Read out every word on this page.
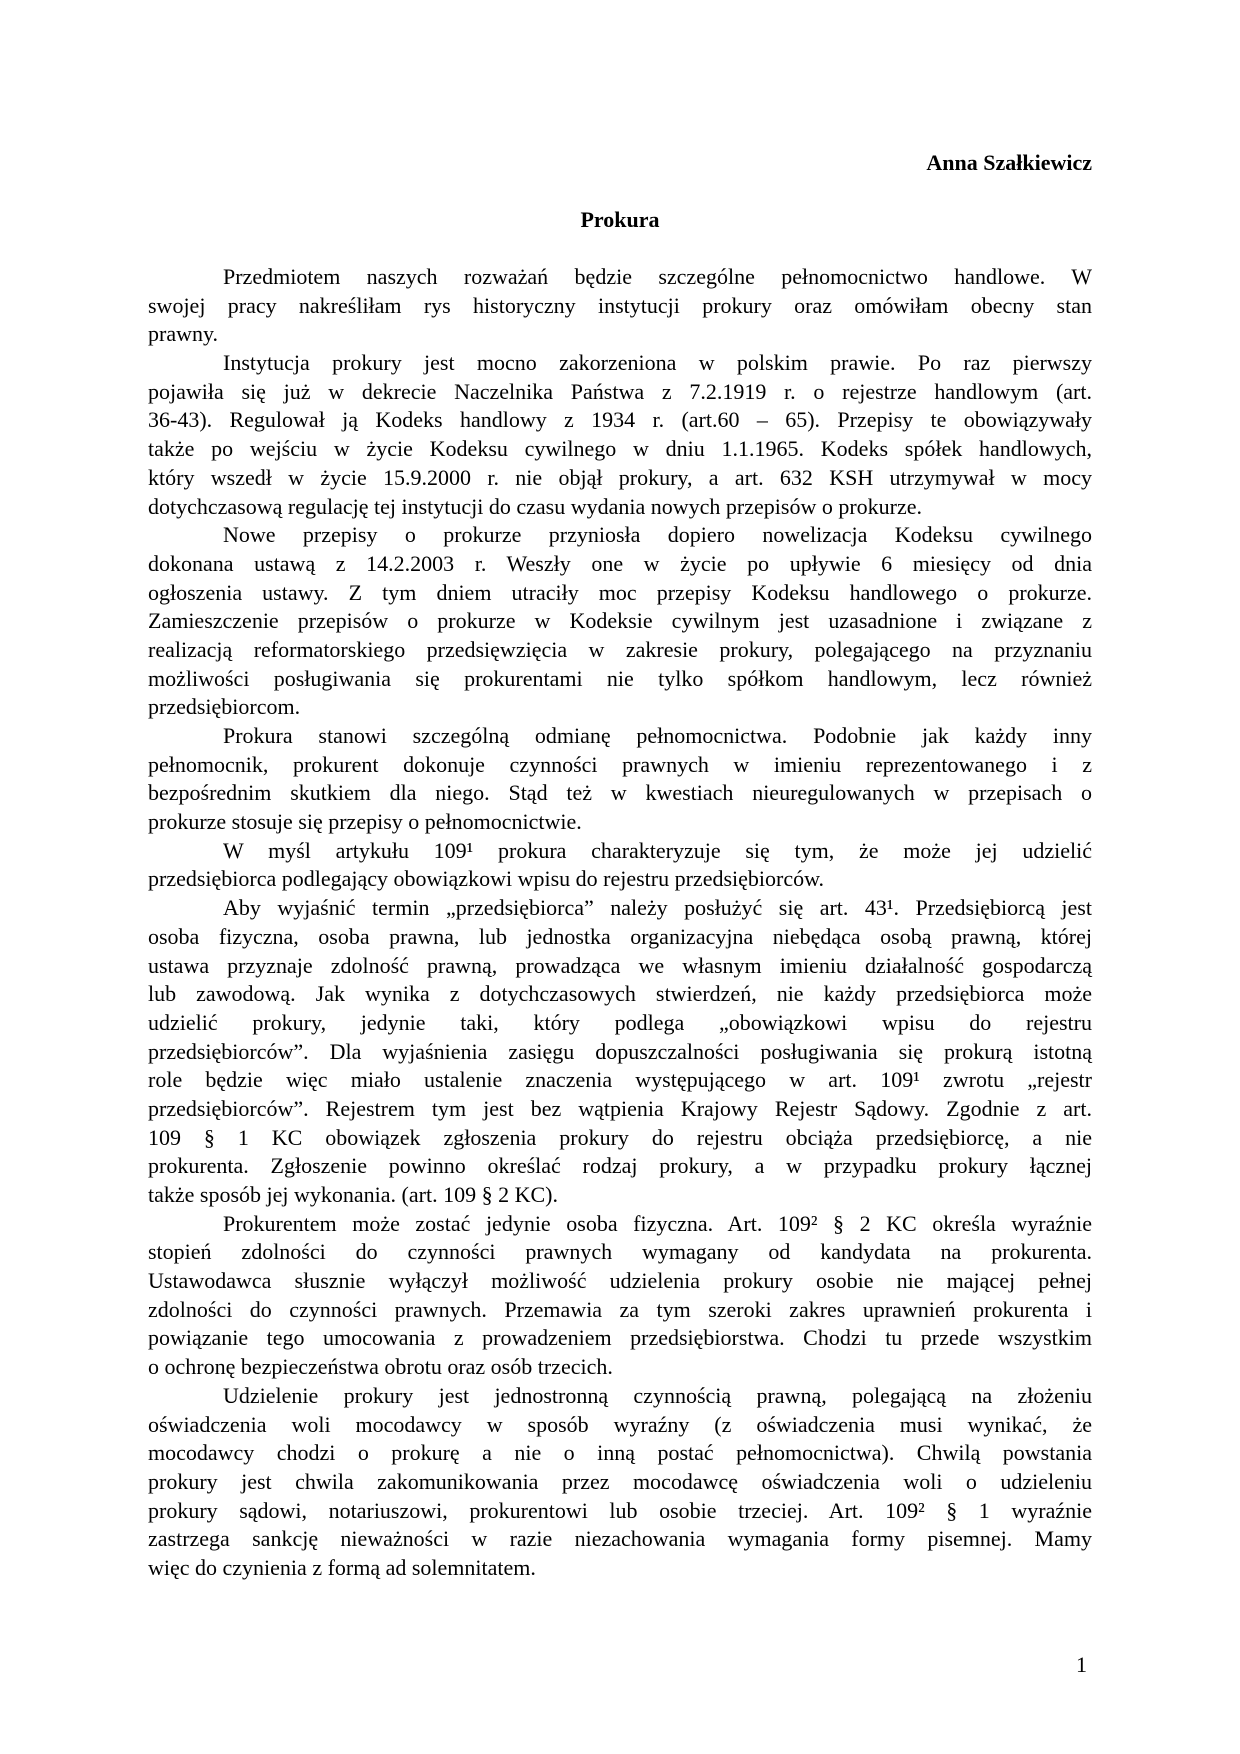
Anna Szałkiewicz
Prokura
Przedmiotem naszych rozważań będzie szczególne pełnomocnictwo handlowe. W
swojej pracy nakreśliłam rys historyczny instytucji prokury oraz omówiłam obecny stan
prawny.
Instytucja prokury jest mocno zakorzeniona w polskim prawie. Po raz pierwszy
pojawiła się już w dekrecie Naczelnika Państwa z 7.2.1919 r. o rejestrze handlowym (art.
36-43). Regulował ją Kodeks handlowy z 1934 r. (art.60 – 65). Przepisy te obowiązywały
także po wejściu w życie Kodeksu cywilnego w dniu 1.1.1965. Kodeks spółek handlowych,
który wszedł w życie 15.9.2000 r. nie objął prokury, a art. 632 KSH utrzymywał w mocy
dotychczasową regulację tej instytucji do czasu wydania nowych przepisów o prokurze.
Nowe przepisy o prokurze przyniosła dopiero nowelizacja Kodeksu cywilnego
dokonana ustawą z 14.2.2003 r. Weszły one w życie po upływie 6 miesięcy od dnia
ogłoszenia ustawy. Z tym dniem utraciły moc przepisy Kodeksu handlowego o prokurze.
Zamieszczenie przepisów o prokurze w Kodeksie cywilnym jest uzasadnione i związane z
realizacją reformatorskiego przedsięwzięcia w zakresie prokury, polegającego na przyznaniu
możliwości posługiwania się prokurentami nie tylko spółkom handlowym, lecz również
przedsiębiorcom.
Prokura stanowi szczególną odmianę pełnomocnictwa. Podobnie jak każdy inny
pełnomocnik, prokurent dokonuje czynności prawnych w imieniu reprezentowanego i z
bezpośrednim skutkiem dla niego. Stąd też w kwestiach nieuregulowanych w przepisach o
prokurze stosuje się przepisy o pełnomocnictwie.
W myśl artykułu 109¹ prokura charakteryzuje się tym, że może jej udzielić
przedsiębiorca podlegający obowiązkowi wpisu do rejestru przedsiębiorców.
Aby wyjaśnić termin „przedsiębiorca” należy posłużyć się art. 43¹. Przedsiębiorcą jest
osoba fizyczna, osoba prawna, lub jednostka organizacyjna niebędąca osobą prawną, której
ustawa przyznaje zdolność prawną, prowadząca we własnym imieniu działalność gospodarczą
lub zawodową. Jak wynika z dotychczasowych stwierdzeń, nie każdy przedsiębiorca może
udzielić prokury, jedynie taki, który podlega „obowiązkowi wpisu do rejestru
przedsiębiorców”. Dla wyjaśnienia zasięgu dopuszczalności posługiwania się prokurą istotną
role będzie więc miało ustalenie znaczenia występującego w art. 109¹ zwrotu „rejestr
przedsiębiorców”. Rejestrem tym jest bez wątpienia Krajowy Rejestr Sądowy. Zgodnie z art.
109 § 1 KC obowiązek zgłoszenia prokury do rejestru obciąża przedsiębiorcę, a nie
prokurenta. Zgłoszenie powinno określać rodzaj prokury, a w przypadku prokury łącznej
także sposób jej wykonania. (art. 109 § 2 KC).
Prokurentem może zostać jedynie osoba fizyczna. Art. 109² § 2 KC określa wyraźnie
stopień zdolności do czynności prawnych wymagany od kandydata na prokurenta.
Ustawodawca słusznie wyłączył możliwość udzielenia prokury osobie nie mającej pełnej
zdolności do czynności prawnych. Przemawia za tym szeroki zakres uprawnień prokurenta i
powiązanie tego umocowania z prowadzeniem przedsiębiorstwa. Chodzi tu przede wszystkim
o ochronę bezpieczeństwa obrotu oraz osób trzecich.
Udzielenie prokury jest jednostronną czynnością prawną, polegającą na złożeniu
oświadczenia woli mocodawcy w sposób wyraźny (z oświadczenia musi wynikać, że
mocodawcy chodzi o prokurę a nie o inną postać pełnomocnictwa). Chwilą powstania
prokury jest chwila zakomunikowania przez mocodawcę oświadczenia woli o udzieleniu
prokury sądowi, notariuszowi, prokurentowi lub osobie trzeciej. Art. 109² § 1 wyraźnie
zastrzega sankcję nieważności w razie niezachowania wymagania formy pisemnej. Mamy
więc do czynienia z formą ad solemnitatem.
1
